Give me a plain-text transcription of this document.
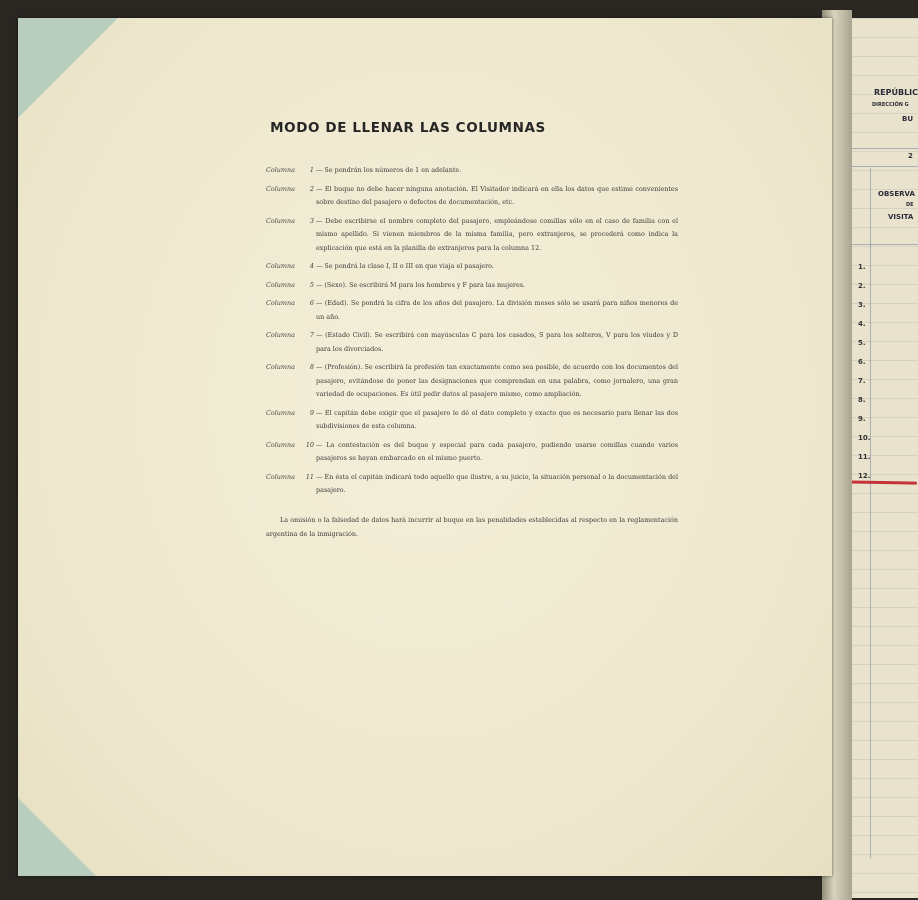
REPÚBLIC
DIRECCIÓN G
BU
2
OBSERVA
DE
VISITA
1.
2.
3.
4.
5.
6.
7.
8.
9.
10.
11.
12.
MODO DE LLENAR LAS COLUMNAS
Columna	1 — Se pondrán los números de 1 en adelante.
Columna	2 — El buque no debe hacer ninguna anotación. El Visitador indicará en ella los datos que estime convenientes sobre destino del pasajero o defectos de documentación, etc.
Columna	3 — Debe escribirse el nombre completo del pasajero, empleándose comillas sólo en el caso de familia con el mismo apellido. Si vienen miembros de la misma familia, pero extranjeros, se procederá como indica la explicación que está en la planilla de extranjeros para la columna 12.
Columna	4 — Se pondrá la clase I, II o III en que viaja el pasajero.
Columna	5 — (Sexo). Se escribirá M para los hombres y F para las mujeres.
Columna	6 — (Edad). Se pondrá la cifra de los años del pasajero. La división meses sólo se usará para niños menores de un año.
Columna	7 — (Estado Civil). Se escribirá con mayúsculas C para los casados, S para los solteros, V para los viudos y D para los divorciados.
Columna	8 — (Profesión). Se escribirá la profesión tan exactamente como sea posible, de acuerdo con los documentos del pasajero, evitándose de poner las designaciones que comprendan en una palabra, como jornalero, una gran variedad de ocupaciones. Es útil pedir datos al pasajero mismo, como ampliación.
Columna	9 — El capitán debe exigir que el pasajero le dé el dato completo y exacto que es necesario para llenar las dos subdivisiones de esta columna.
Columna	10 — La contestación es del buque y especial para cada pasajero, pudiendo usarse comillas cuando varios pasajeros se hayan embarcado en el mismo puerto.
Columna	11 — En ésta el capitán indicará todo aquello que ilustre, a su juicio, la situación personal o la documentación del pasajero.
La omisión o la falsedad de datos hará incurrir al buque en las penalidades establecidas al respecto en la reglamentación argentina de la inmigración.
